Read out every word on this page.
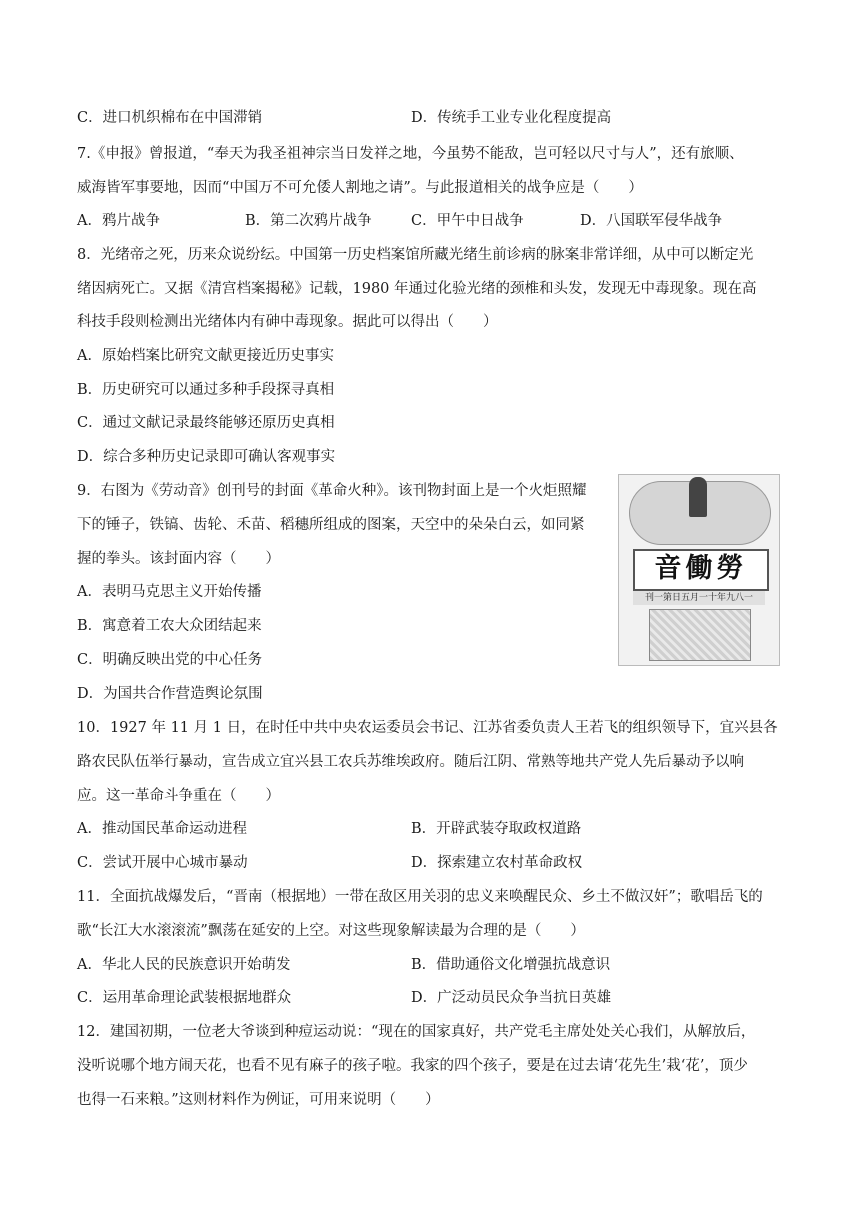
C．进口机织棉布在中国滞销	D．传统手工业专业化程度提高
7.《申报》曾报道，“奉天为我圣祖神宗当日发祥之地，今虽势不能敌，岂可轻以尺寸与人”，还有旅顺、
威海皆军事要地，因而“中国万不可允倭人割地之请”。与此报道相关的战争应是（　　）
A．鸦片战争	B．第二次鸦片战争	C．甲午中日战争	D．八国联军侵华战争
8．光绪帝之死，历来众说纷纭。中国第一历史档案馆所藏光绪生前诊病的脉案非常详细，从中可以断定光
绪因病死亡。又据《清宫档案揭秘》记载，1980 年通过化验光绪的颈椎和头发，发现无中毒现象。现在高
科技手段则检测出光绪体内有砷中毒现象。据此可以得出（　　）
A．原始档案比研究文献更接近历史事实
B．历史研究可以通过多种手段探寻真相
C．通过文献记录最终能够还原历史真相
D．综合多种历史记录即可确认客观事实
9．右图为《劳动音》创刊号的封面《革命火种》。该刊物封面上是一个火炬照耀
下的锤子，铁镐、齿轮、禾苗、稻穗所组成的图案，天空中的朵朵白云，如同紧
握的拳头。该封面内容（　　）
A．表明马克思主义开始传播
B．寓意着工农大众团结起来
C．明确反映出党的中心任务
D．为国共合作营造舆论氛围
音働勞
刊一第日五月一十年九八一
10．1927 年 11 月 1 日，在时任中共中央农运委员会书记、江苏省委负责人王若飞的组织领导下，宜兴县各
路农民队伍举行暴动，宣告成立宜兴县工农兵苏维埃政府。随后江阴、常熟等地共产党人先后暴动予以响
应。这一革命斗争重在（　　）
A．推动国民革命运动进程	B．开辟武装夺取政权道路
C．尝试开展中心城市暴动	D．探索建立农村革命政权
11．全面抗战爆发后，“晋南（根据地）一带在敌区用关羽的忠义来唤醒民众、乡土不做汉奸”；歌唱岳飞的
歌“长江大水滚滚流”飘荡在延安的上空。对这些现象解读最为合理的是（　　）
A．华北人民的民族意识开始萌发	B．借助通俗文化增强抗战意识
C．运用革命理论武装根据地群众	D．广泛动员民众争当抗日英雄
12．建国初期，一位老大爷谈到种痘运动说：“现在的国家真好，共产党毛主席处处关心我们，从解放后，
没听说哪个地方闹天花，也看不见有麻子的孩子啦。我家的四个孩子，要是在过去请‘花先生’栽‘花’，顶少
也得一石来粮。”这则材料作为例证，可用来说明（　　）
